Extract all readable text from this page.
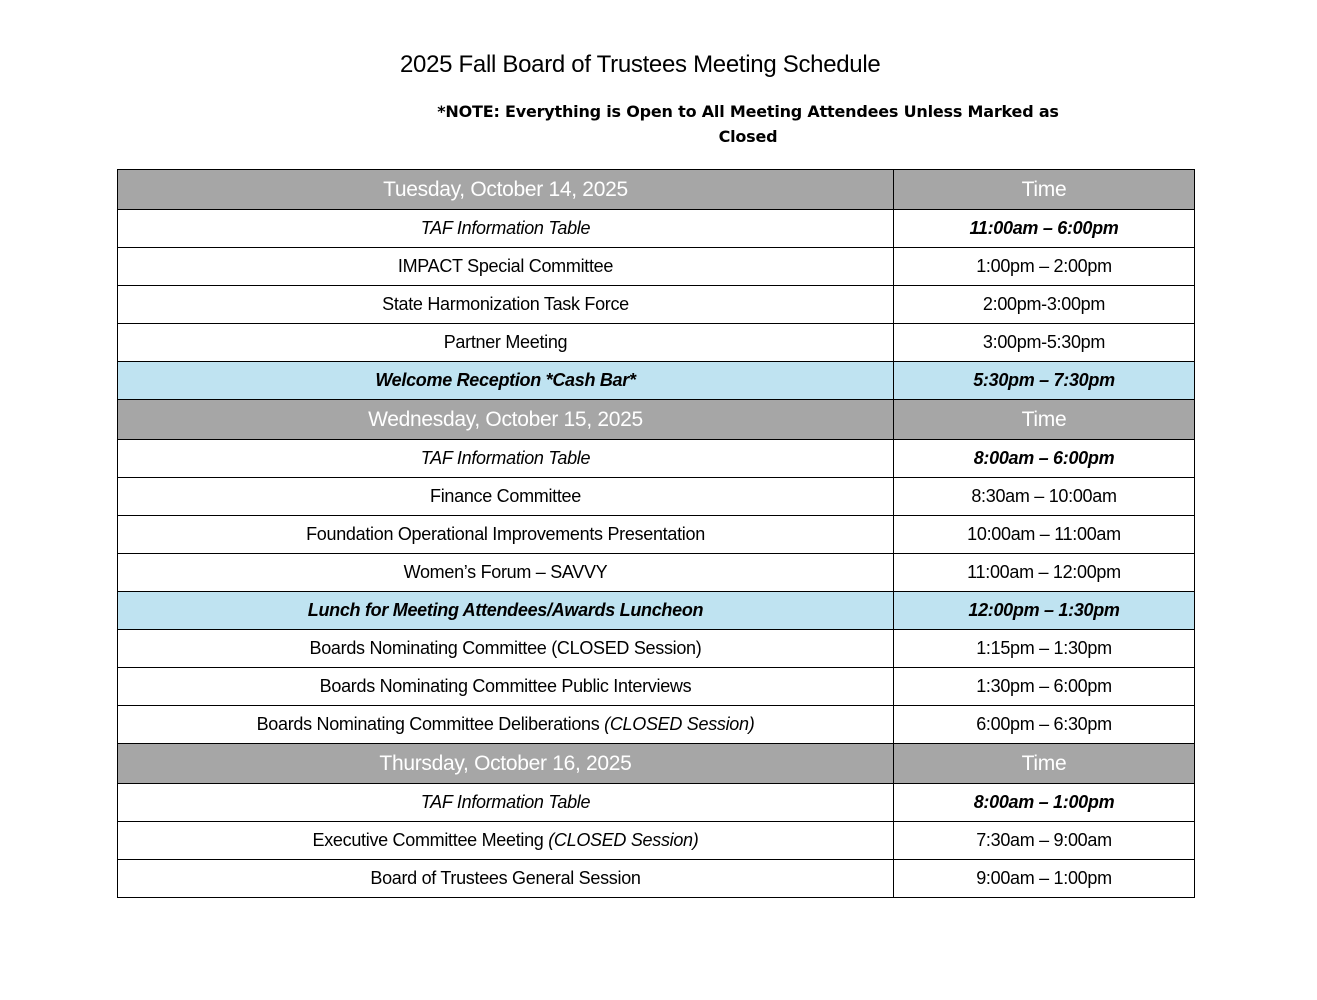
2025 Fall Board of Trustees Meeting Schedule
*NOTE: Everything is Open to All Meeting Attendees Unless Marked as
Closed
Tuesday, October 14, 2025	Time
TAF Information Table	11:00am – 6:00pm
IMPACT Special Committee	1:00pm – 2:00pm
State Harmonization Task Force	2:00pm-3:00pm
Partner Meeting	3:00pm-5:30pm
Welcome Reception *Cash Bar*	5:30pm – 7:30pm
Wednesday, October 15, 2025	Time
TAF Information Table	8:00am – 6:00pm
Finance Committee	8:30am – 10:00am
Foundation Operational Improvements Presentation	10:00am – 11:00am
Women’s Forum – SAVVY	11:00am – 12:00pm
Lunch for Meeting Attendees/Awards Luncheon	12:00pm – 1:30pm
Boards Nominating Committee (CLOSED Session)	1:15pm – 1:30pm
Boards Nominating Committee Public Interviews	1:30pm – 6:00pm
Boards Nominating Committee Deliberations (CLOSED Session)	6:00pm – 6:30pm
Thursday, October 16, 2025	Time
TAF Information Table	8:00am – 1:00pm
Executive Committee Meeting (CLOSED Session)	7:30am – 9:00am
Board of Trustees General Session	9:00am – 1:00pm
